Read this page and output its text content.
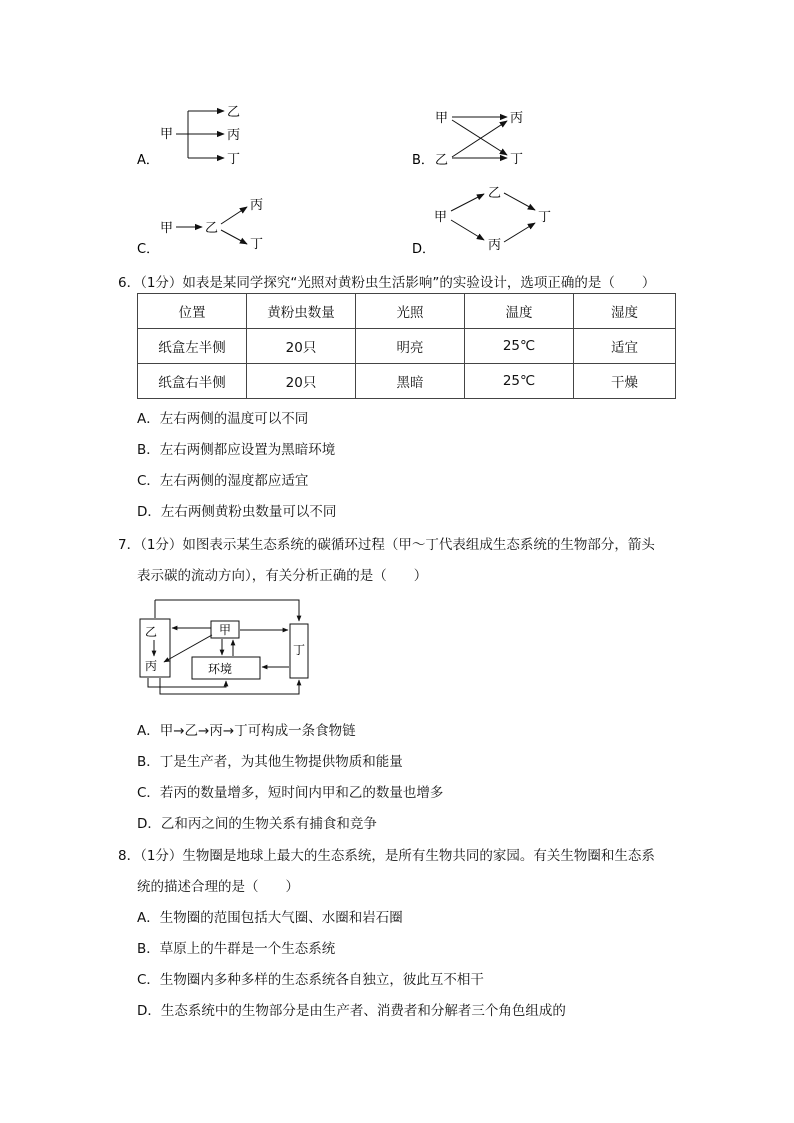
A．
甲
乙
丙
丁	B．
甲
乙
丙
丁
C．
甲 乙
丙
丁	D．
甲
乙
丙
丁
6．（1分）如表是某同学探究“光照对黄粉虫生活影响”的实验设计，选项正确的是（　　）
位置	黄粉虫数量	光照	温度	湿度
纸盒左半侧	20只	明亮	25℃	适宜
纸盒右半侧	20只	黑暗	25℃	干燥
A．左右两侧的温度可以不同
B．左右两侧都应设置为黑暗环境
C．左右两侧的湿度都应适宜
D．左右两侧黄粉虫数量可以不同
7．（1分）如图表示某生态系统的碳循环过程（甲～丁代表组成生态系统的生物部分，箭头
表示碳的流动方向），有关分析正确的是（　　）
乙
丙
甲
环境
丁
A．甲→乙→丙→丁可构成一条食物链
B．丁是生产者，为其他生物提供物质和能量
C．若丙的数量增多，短时间内甲和乙的数量也增多
D．乙和丙之间的生物关系有捕食和竞争
8．（1分）生物圈是地球上最大的生态系统，是所有生物共同的家园。有关生物圈和生态系
统的描述合理的是（　　）
A．生物圈的范围包括大气圈、水圈和岩石圈
B．草原上的牛群是一个生态系统
C．生物圈内多种多样的生态系统各自独立，彼此互不相干
D．生态系统中的生物部分是由生产者、消费者和分解者三个角色组成的
